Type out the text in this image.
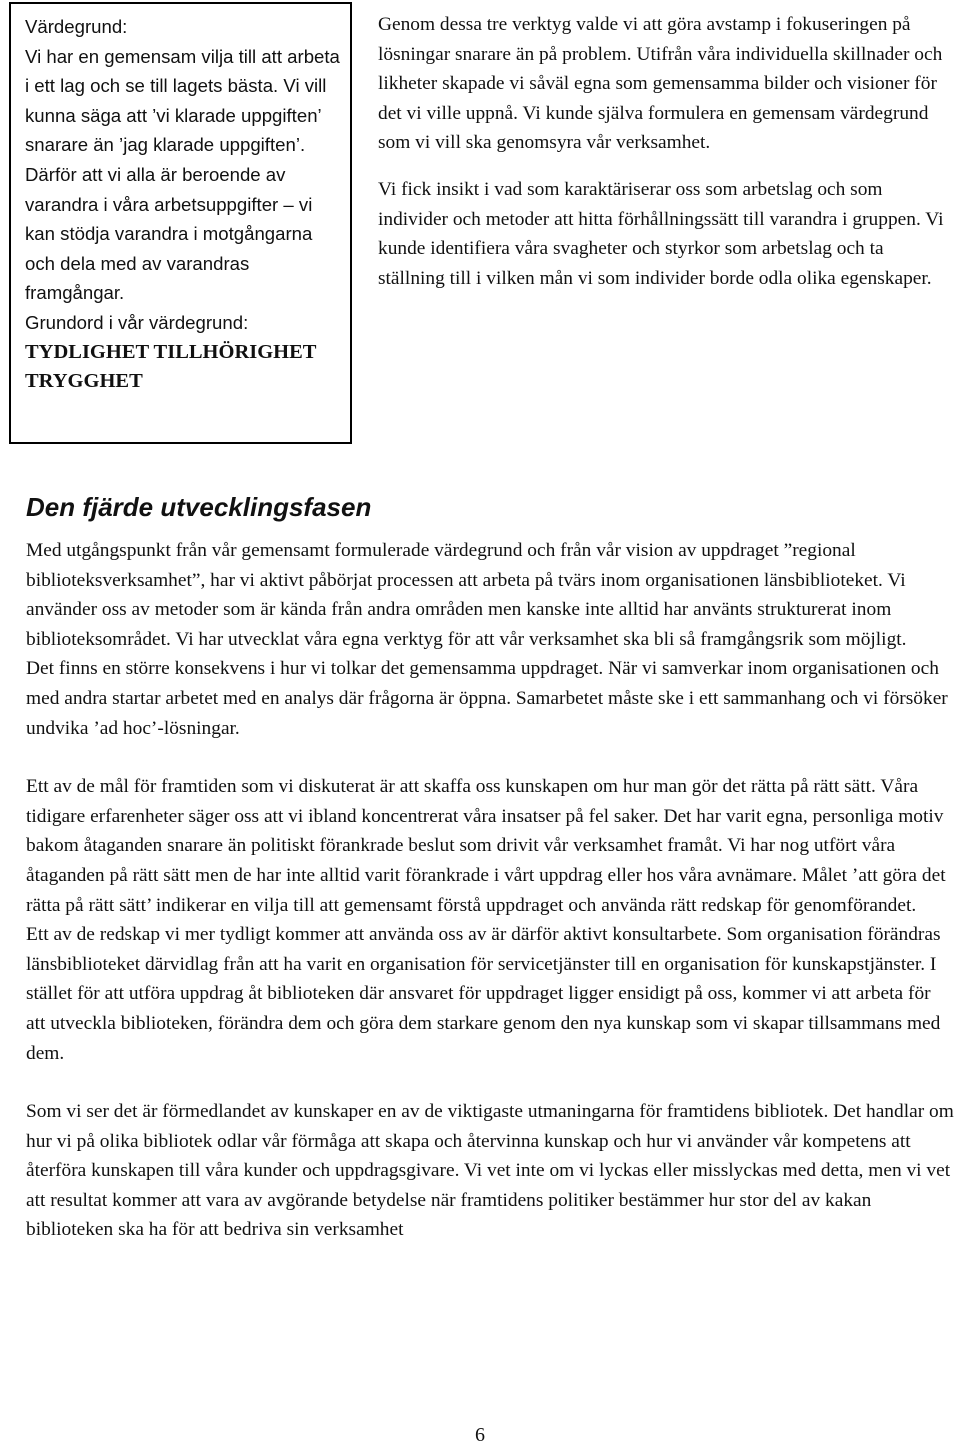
Värdegrund:

Vi har en gemensam vilja till att arbeta i ett lag och se till lagets bästa. Vi vill kunna säga att ’vi klarade uppgiften’ snarare än ’jag klarade uppgiften’. Därför att vi alla är beroende av varandra i våra arbetsuppgifter – vi kan stödja varandra i motgångarna och dela med av varandras framgångar.

Grundord i vår värdegrund:

TYDLIGHET TILLHÖRIGHET TRYGGHET

Genom dessa tre verktyg valde vi att göra avstamp i fokuseringen på lösningar snarare än på problem. Utifrån våra individuella skillnader och likheter skapade vi såväl egna som gemensamma bilder och visioner för det vi ville uppnå. Vi kunde själva formulera en gemensam värdegrund som vi vill ska genomsyra vår verksamhet.

Vi fick insikt i vad som karaktäriserar oss som arbetslag och som individer och metoder att hitta förhållningssätt till varandra i gruppen. Vi kunde identifiera våra svagheter och styrkor som arbetslag och ta ställning till i vilken mån vi som individer borde odla olika egenskaper.

Den fjärde utvecklingsfasen

Med utgångspunkt från vår gemensamt formulerade värdegrund och från vår vision av uppdraget ”regional biblioteksverksamhet”, har vi aktivt påbörjat processen att arbeta på tvärs inom organisationen länsbiblioteket. Vi använder oss av metoder som är kända från andra områden men kanske inte alltid har använts strukturerat inom biblioteksområdet. Vi har utvecklat våra egna verktyg för att vår verksamhet ska bli så framgångsrik som möjligt.

Det finns en större konsekvens i hur vi tolkar det gemensamma uppdraget. När vi samverkar inom organisationen och med andra startar arbetet med en analys där frågorna är öppna. Samarbetet måste ske i ett sammanhang och vi försöker undvika ’ad hoc’-lösningar.

Ett av de mål för framtiden som vi diskuterat är att skaffa oss kunskapen om hur man gör det rätta på rätt sätt. Våra tidigare erfarenheter säger oss att vi ibland koncentrerat våra insatser på fel saker. Det har varit egna, personliga motiv bakom åtaganden snarare än politiskt förankrade beslut som drivit vår verksamhet framåt. Vi har nog utfört våra åtaganden på rätt sätt men de har inte alltid varit förankrade i vårt uppdrag eller hos våra avnämare. Målet ’att göra det rätta på rätt sätt’ indikerar en vilja till att gemensamt förstå uppdraget och använda rätt redskap för genomförandet.

Ett av de redskap vi mer tydligt kommer att använda oss av är därför aktivt konsultarbete. Som organisation förändras länsbiblioteket därvidlag från att ha varit en organisation för servicetjänster till en organisation för kunskapstjänster. I stället för att utföra uppdrag åt biblioteken där ansvaret för uppdraget ligger ensidigt på oss, kommer vi att arbeta för att utveckla biblioteken, förändra dem och göra dem starkare genom den nya kunskap som vi skapar tillsammans med dem.

Som vi ser det är förmedlandet av kunskaper en av de viktigaste utmaningarna för framtidens bibliotek. Det handlar om hur vi på olika bibliotek odlar vår förmåga att skapa och återvinna kunskap och hur vi använder vår kompetens att återföra kunskapen till våra kunder och uppdragsgivare. Vi vet inte om vi lyckas eller misslyckas med detta, men vi vet att resultat kommer att vara av avgörande betydelse när framtidens politiker bestämmer hur stor del av kakan biblioteken ska ha för att bedriva sin verksamhet

6
